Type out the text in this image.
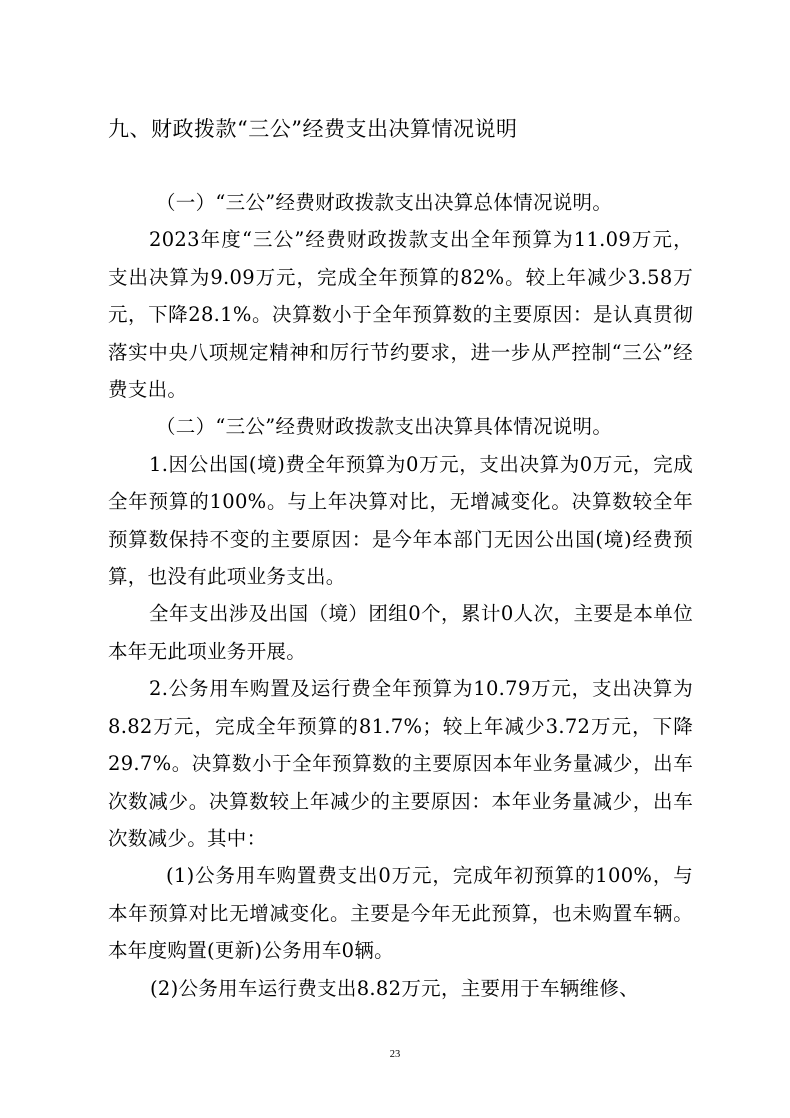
九、财政拨款“三公”经费支出决算情况说明

（一）“三公”经费财政拨款支出决算总体情况说明。

2023年度“三公”经费财政拨款支出全年预算为11.09万元，支出决算为9.09万元，完成全年预算的82%。较上年减少3.58万元，下降28.1%。决算数小于全年预算数的主要原因：是认真贯彻落实中央八项规定精神和厉行节约要求，进一步从严控制“三公”经费支出。

（二）“三公”经费财政拨款支出决算具体情况说明。

1.因公出国(境)费全年预算为0万元，支出决算为0万元，完成全年预算的100%。与上年决算对比，无增减变化。决算数较全年预算数保持不变的主要原因：是今年本部门无因公出国(境)经费预算，也没有此项业务支出。

全年支出涉及出国（境）团组0个，累计0人次，主要是本单位本年无此项业务开展。

2.公务用车购置及运行费全年预算为10.79万元，支出决算为8.82万元，完成全年预算的81.7%；较上年减少3.72万元，下降29.7%。决算数小于全年预算数的主要原因本年业务量减少，出车次数减少。决算数较上年减少的主要原因：本年业务量减少，出车次数减少。其中：

(1)公务用车购置费支出0万元，完成年初预算的100%，与本年预算对比无增减变化。主要是今年无此预算，也未购置车辆。本年度购置(更新)公务用车0辆。

(2)公务用车运行费支出8.82万元，主要用于车辆维修、

23
